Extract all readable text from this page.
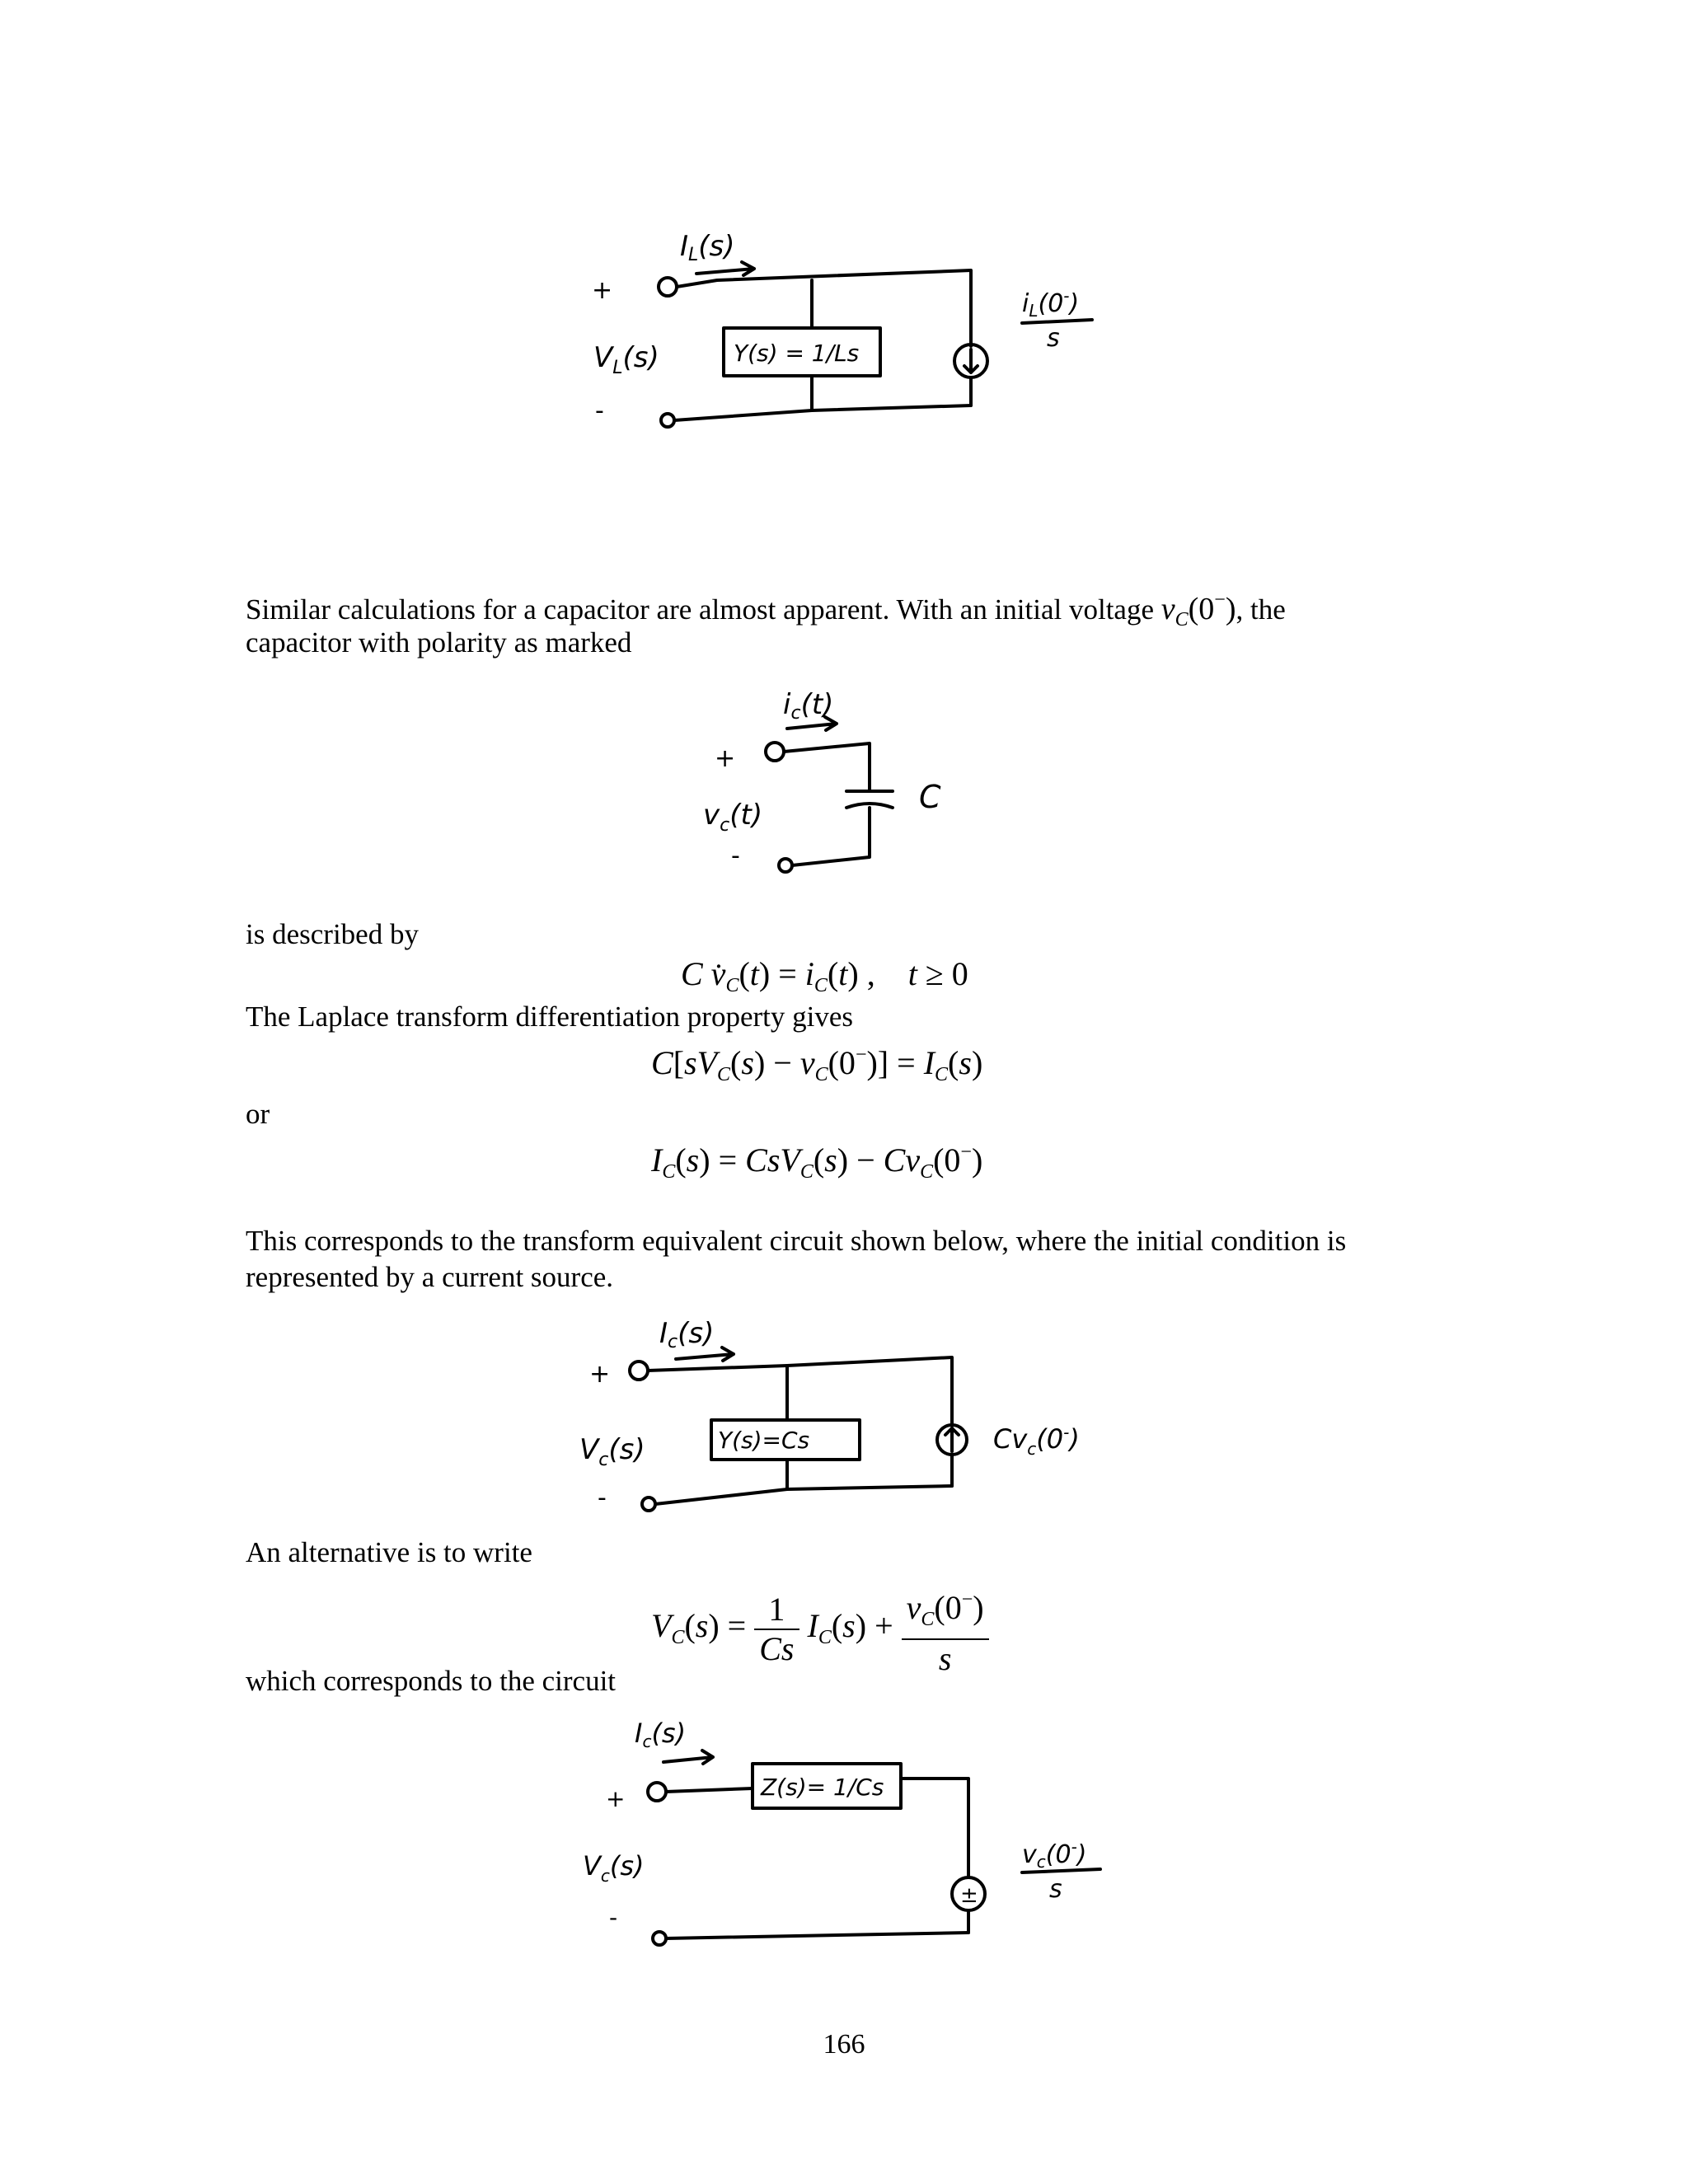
IL(s)
+
$V_L(s)$	Y(s) = 1/Ls
$i_L(0^-)$
s
-
Similar calculations for a capacitor are almost apparent. With an initial voltage $v_C(0^-)$, the
capacitor with polarity as marked
ic(t)
+
C
$v_c(t)$
-
is described by
C $v̇_C(t) = i_C(t)$ ,    t ≥ 0
The Laplace transform differentiation property gives
$C[sV_C(s) - v_C(0^-)] = I_C(s)$
or
$I_C(s) = CsV_C(s) - Cv_C(0^-)$
This corresponds to the transform equivalent circuit shown below, where the initial condition is represented by a current source.
Ic(s)
+
$V_c(s)$	Y(s)=Cs	$Cv_c(0^-)$
-
An alternative is to write
$V_C(s) = \frac{1}{Cs} I_C(s) + \frac{v_C(0^-)}{s}$
which corresponds to the circuit
Ic(s)
+	Z(s)= 1/Cs
±
$v_c(0^-)$
s
$V_c(s)$
-
166
